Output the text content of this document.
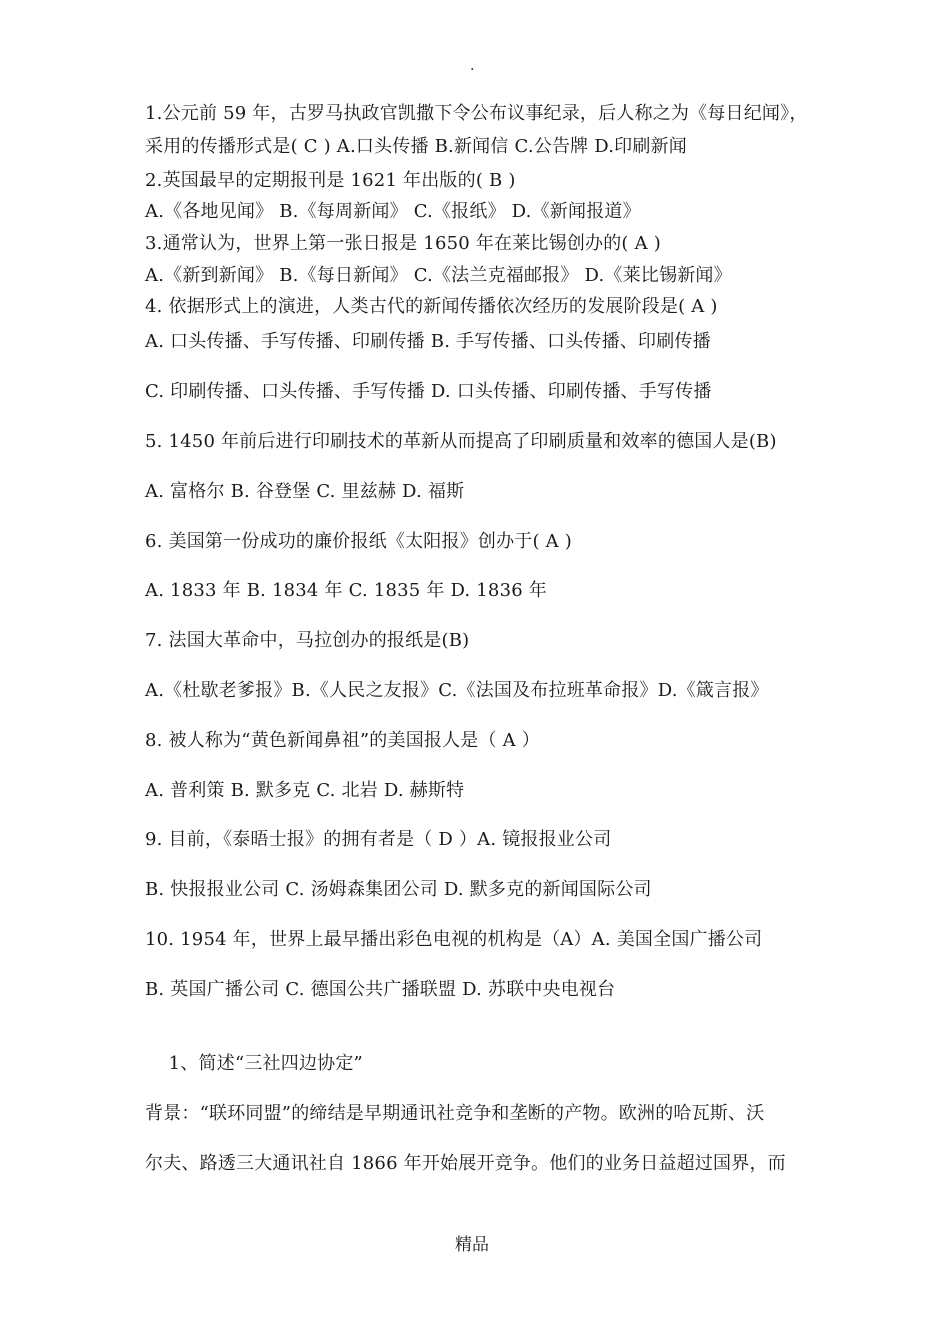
.
1.公元前 59 年，古罗马执政官凯撒下令公布议事纪录，后人称之为《每日纪闻》，
采用的传播形式是( C ) A.口头传播 B.新闻信 C.公告牌 D.印刷新闻
2.英国最早的定期报刊是 1621 年出版的( B )
A.《各地见闻》 B.《每周新闻》 C.《报纸》 D.《新闻报道》
3.通常认为，世界上第一张日报是 1650 年在莱比锡创办的( A )
A.《新到新闻》 B.《每日新闻》 C.《法兰克福邮报》 D.《莱比锡新闻》
4. 依据形式上的演进，人类古代的新闻传播依次经历的发展阶段是( A )
A. 口头传播、手写传播、印刷传播 B. 手写传播、口头传播、印刷传播
C. 印刷传播、口头传播、手写传播 D. 口头传播、印刷传播、手写传播
5. 1450 年前后进行印刷技术的革新从而提高了印刷质量和效率的德国人是(B)
A. 富格尔 B. 谷登堡 C. 里兹赫 D. 福斯
6. 美国第一份成功的廉价报纸《太阳报》创办于( A )
A. 1833 年 B. 1834 年 C. 1835 年 D. 1836 年
7. 法国大革命中，马拉创办的报纸是(B)
A.《杜歇老爹报》B.《人民之友报》C.《法国及布拉班革命报》D.《箴言报》
8. 被人称为“黄色新闻鼻祖”的美国报人是（ A ）
A. 普利策 B. 默多克 C. 北岩 D. 赫斯特
9. 目前，《泰晤士报》的拥有者是（ D ）A. 镜报报业公司
B. 快报报业公司 C. 汤姆森集团公司 D. 默多克的新闻国际公司
10. 1954 年，世界上最早播出彩色电视的机构是（A）A. 美国全国广播公司
B. 英国广播公司 C. 德国公共广播联盟 D. 苏联中央电视台
1、简述“三社四边协定”
背景：“联环同盟”的缔结是早期通讯社竞争和垄断的产物。欧洲的哈瓦斯、沃
尔夫、路透三大通讯社自 1866 年开始展开竞争。他们的业务日益超过国界，而
精品
